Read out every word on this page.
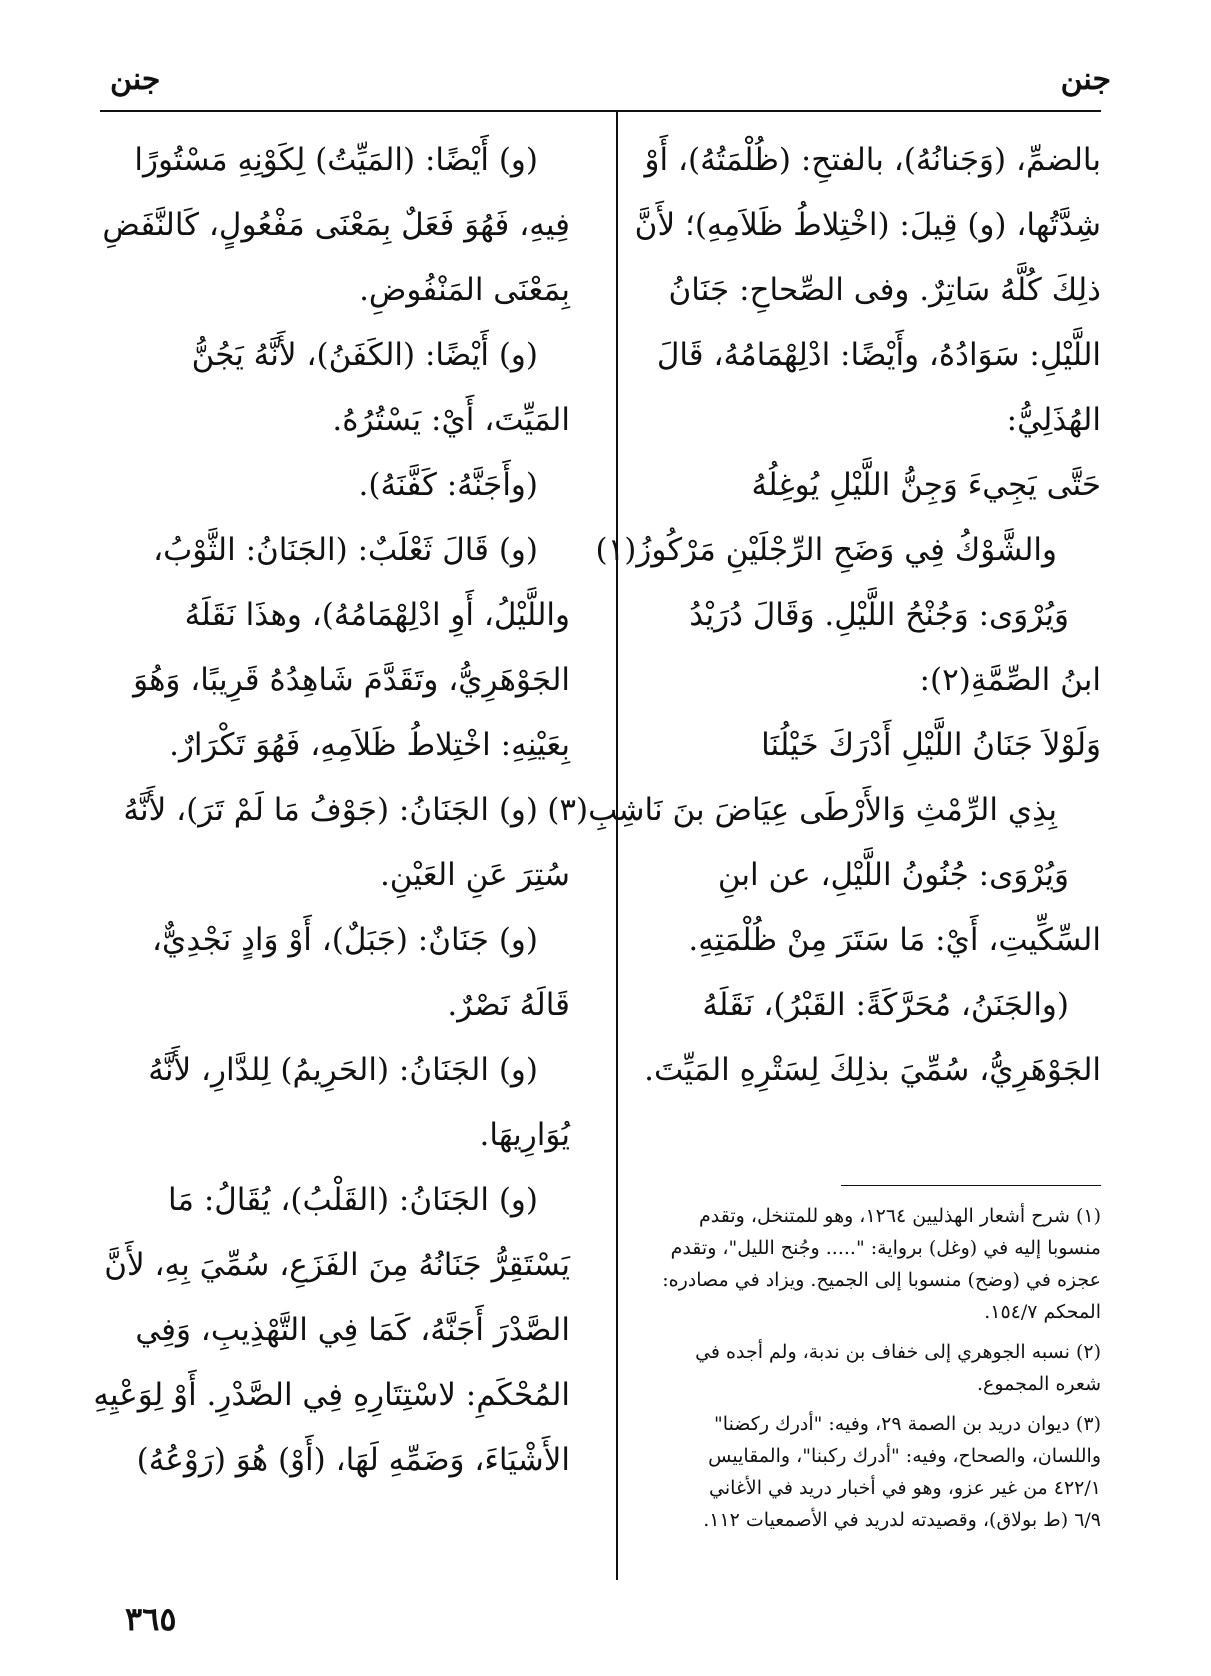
جنن
جنن
بالضمِّ، (وَجَنانُهُ)، بالفتحِ: (ظُلْمَتُهُ)، أَوْ
شِدَّتُها، (و) قِيلَ: (اخْتِلاطُ ظَلاَمِهِ)؛ لأَنَّ
ذلِكَ كُلَّهُ سَاتِرٌ. وفى الصِّحاحِ: جَنَانُ
اللَّيْلِ: سَوَادُهُ، وأَيْضًا: ادْلِهْمَامُهُ، قَالَ
الهُذَلِيُّ:
حَتَّى يَجِيءَ وَجِنُّ اللَّيْلِ يُوغِلُهُ
والشَّوْكُ فِي وَضَحِ الرِّجْلَيْنِ مَرْكُوزُ(١)
وَيُرْوَى: وَجُنْحُ اللَّيْلِ. وَقَالَ دُرَيْدُ
ابنُ الصِّمَّةِ(٢):
وَلَوْلاَ جَنَانُ اللَّيْلِ أَدْرَكَ خَيْلُنَا
بِذِي الرِّمْثِ وَالأَرْطَى عِيَاضَ بنَ نَاشِبِ(٣)
وَيُرْوَى: جُنُونُ اللَّيْلِ، عن ابنِ
السِّكِّيتِ، أَيْ: مَا سَتَرَ مِنْ ظُلْمَتِهِ.
(والجَنَنُ، مُحَرَّكَةً: القَبْرُ)، نَقَلَهُ
الجَوْهَرِيُّ، سُمِّيَ بذلِكَ لِسَتْرِهِ المَيِّتَ.
(١) شرح أشعار الهذليين ١٢٦٤، وهو للمتنخل، وتقدم
منسوبا إليه في (وغل) برواية: "..... وجُنح الليل"، وتقدم
عجزه في (وضح) منسوبا إلى الجميح. ويزاد في مصادره:
المحكم ١٥٤/٧.
(٢) نسبه الجوهري إلى خفاف بن ندبة، ولم أجده في
شعره المجموع.
(٣) ديوان دريد بن الصمة ٢٩، وفيه: "أدرك ركضنا"
واللسان، والصحاح، وفيه: "أدرك ركبنا"، والمقاييس
٤٢٢/١ من غير عزو، وهو في أخبار دريد في الأغاني
٦/٩ (ط بولاق)، وقصيدته لدريد في الأصمعيات ١١٢.
(و) أَيْضًا: (المَيِّتُ) لِكَوْنِهِ مَسْتُورًا
فِيهِ، فَهُوَ فَعَلٌ بِمَعْنَى مَفْعُولٍ، كَالنَّفَضِ
بِمَعْنَى المَنْفُوضِ.
(و) أَيْضًا: (الكَفَنُ)، لأَنَّهُ يَجُنُّ
المَيِّتَ، أَيْ: يَسْتُرُهُ.
(وأَجَنَّهُ: كَفَّنَهُ).
(و) قَالَ ثَعْلَبٌ: (الجَنَانُ: الثَّوْبُ،
واللَّيْلُ، أَوِ ادْلِهْمَامُهُ)، وهذَا نَقَلَهُ
الجَوْهَرِيُّ، وتَقَدَّمَ شَاهِدُهُ قَرِيبًا، وَهُوَ
بِعَيْنِهِ: اخْتِلاطُ ظَلاَمِهِ، فَهُوَ تَكْرَارٌ.
(و) الجَنَانُ: (جَوْفُ مَا لَمْ تَرَ)، لأَنَّهُ
سُتِرَ عَنِ العَيْنِ.
(و) جَنَانٌ: (جَبَلٌ)، أَوْ وَادٍ نَجْدِيٌّ،
قَالَهُ نَصْرٌ.
(و) الجَنَانُ: (الحَرِيمُ) لِلدَّارِ، لأَنَّهُ
يُوَارِيهَا.
(و) الجَنَانُ: (القَلْبُ)، يُقَالُ: مَا
يَسْتَقِرُّ جَنَانُهُ مِنَ الفَزَعِ، سُمِّيَ بِهِ، لأَنَّ
الصَّدْرَ أَجَنَّهُ، كَمَا فِي التَّهْذِيبِ، وَفِي
المُحْكَمِ: لاسْتِتَارِهِ فِي الصَّدْرِ. أَوْ لِوَعْيِهِ
الأَشْيَاءَ، وَضَمِّهِ لَهَا، (أَوْ) هُوَ (رَوْعُهُ)
٣٦٥
